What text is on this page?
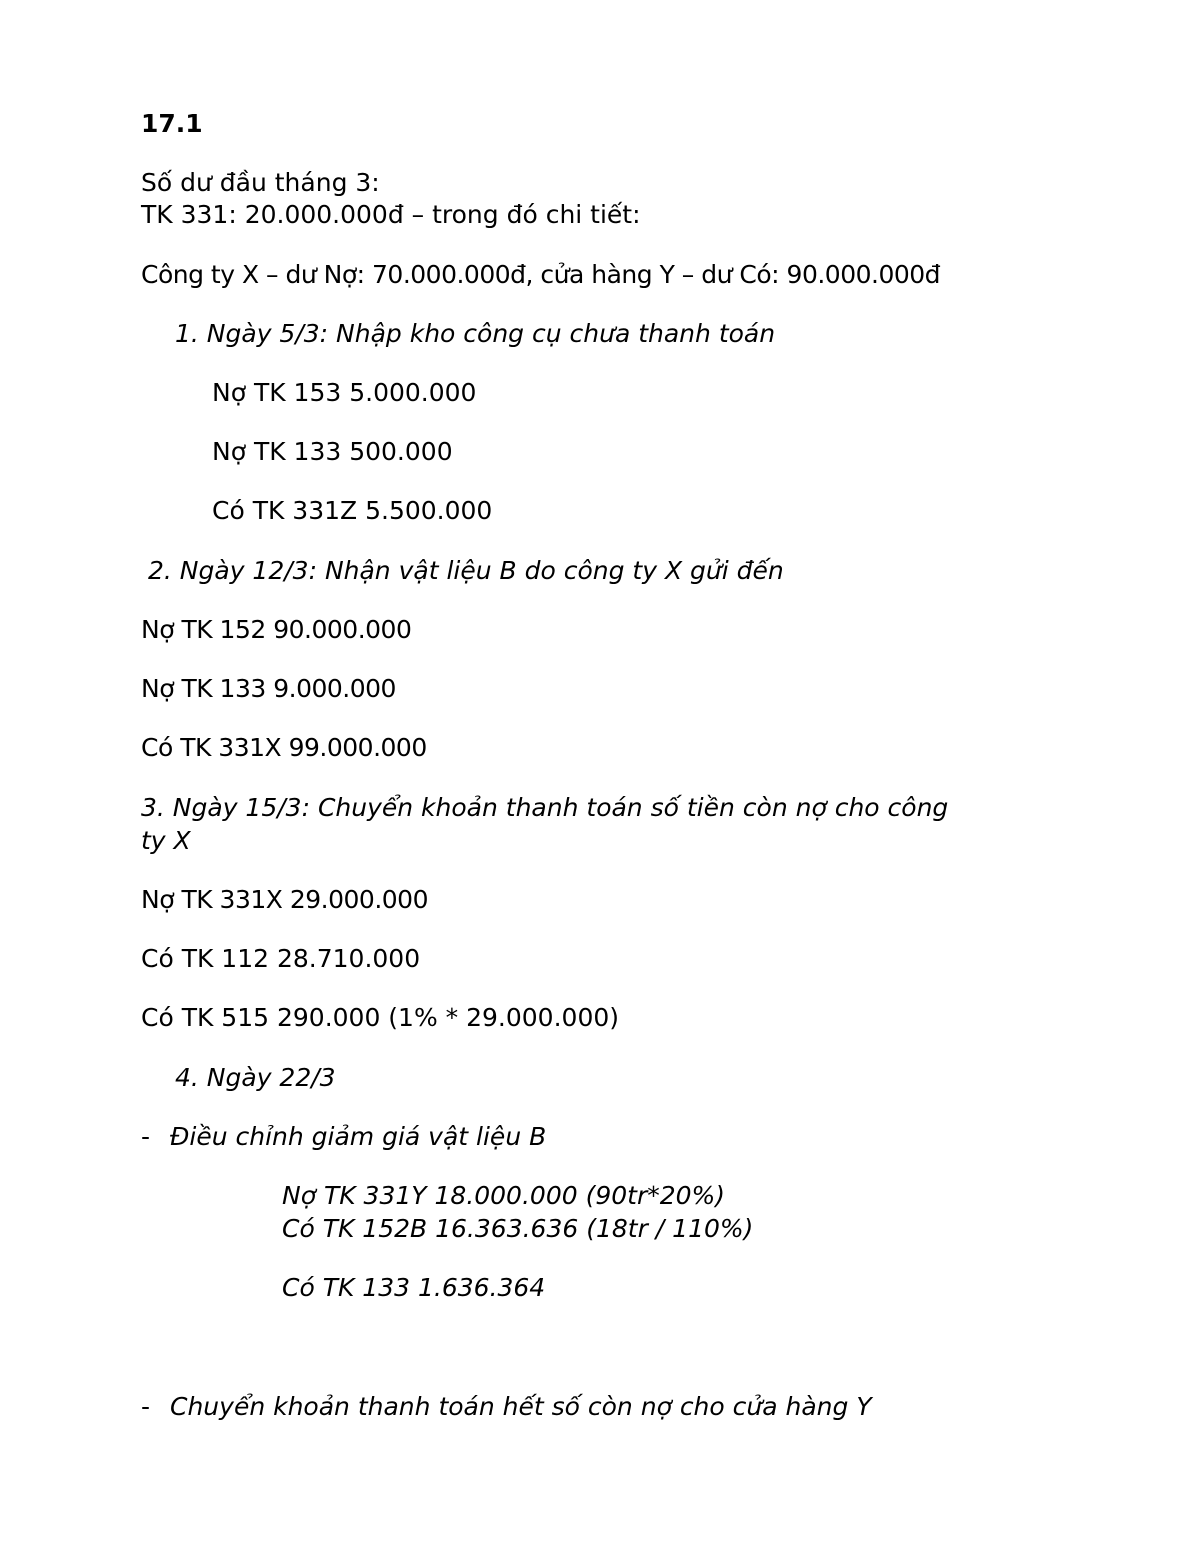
17.1
Số dư đầu tháng 3:
TK 331: 20.000.000đ – trong đó chi tiết:
Công ty X – dư Nợ: 70.000.000đ, cửa hàng Y – dư Có: 90.000.000đ
1. Ngày 5/3: Nhập kho công cụ chưa thanh toán
Nợ TK 153 5.000.000
Nợ TK 133 500.000
Có TK 331Z 5.500.000
2. Ngày 12/3: Nhận vật liệu B do công ty X gửi đến
Nợ TK 152 90.000.000
Nợ TK 133 9.000.000
Có TK 331X 99.000.000
3. Ngày 15/3: Chuyển khoản thanh toán số tiền còn nợ cho công
ty X
Nợ TK 331X 29.000.000
Có TK 112 28.710.000
Có TK 515 290.000 (1% * 29.000.000)
4. Ngày 22/3
- Điều chỉnh giảm giá vật liệu B
Nợ TK 331Y 18.000.000 (90tr*20%)
Có TK 152B 16.363.636 (18tr / 110%)
Có TK 133 1.636.364
- Chuyển khoản thanh toán hết số còn nợ cho cửa hàng Y
